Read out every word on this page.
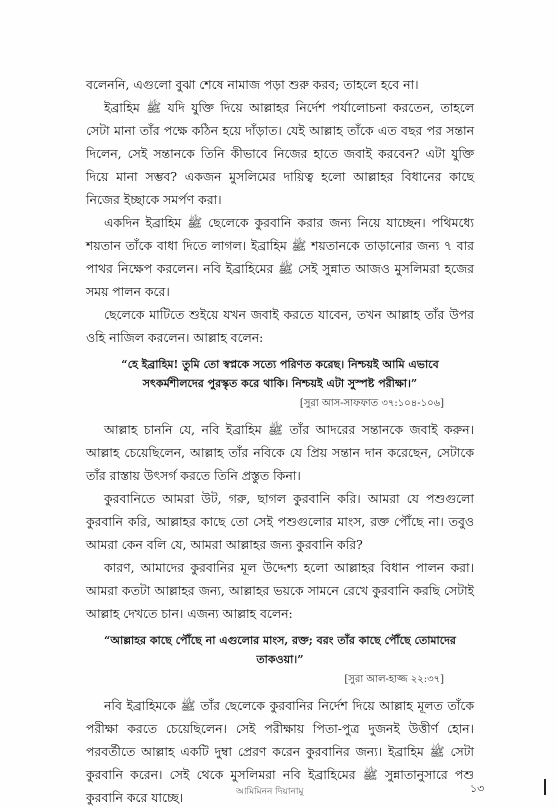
বলেননি, এগুলো বুঝা শেষে নামাজ পড়া শুরু করব; তাহলে হবে না।

ইব্রাহিম ﷺ যদি যুক্তি দিয়ে আল্লাহর নির্দেশ পর্যালোচনা করতেন, তাহলে সেটা মানা তাঁর পক্ষে কঠিন হয়ে দাঁড়াত। যেই আল্লাহ তাঁকে এত বছর পর সন্তান দিলেন, সেই সন্তানকে তিনি কীভাবে নিজের হাতে জবাই করবেন? এটা যুক্তি দিয়ে মানা সম্ভব? একজন মুসলিমের দায়িত্ব হলো আল্লাহর বিধানের কাছে নিজের ইচ্ছাকে সমর্পণ করা।

একদিন ইব্রাহিম ﷺ ছেলেকে কুরবানি করার জন্য নিয়ে যাচ্ছেন। পথিমধ্যে শয়তান তাঁকে বাধা দিতে লাগল। ইব্রাহিম ﷺ শয়তানকে তাড়ানোর জন্য ৭ বার পাথর নিক্ষেপ করলেন। নবি ইব্রাহিমের ﷺ সেই সুন্নাত আজও মুসলিমরা হজের সময় পালন করে।

ছেলেকে মাটিতে শুইয়ে যখন জবাই করতে যাবেন, তখন আল্লাহ তাঁর উপর ওহি নাজিল করলেন। আল্লাহ বলেন:

“হে ইব্রাহিম! তুমি তো স্বপ্নকে সত্যে পরিণত করেছ। নিশ্চয়ই আমি এভাবে সৎকর্মশীলদের পুরস্কৃত করে থাকি। নিশ্চয়ই এটা সুস্পষ্ট পরীক্ষা।”

[সুরা আস-সাফফাত ৩৭:১০৪-১০৬]

আল্লাহ চাননি যে, নবি ইব্রাহিম ﷺ তাঁর আদরের সন্তানকে জবাই করুন। আল্লাহ চেয়েছিলেন, আল্লাহ তাঁর নবিকে যে প্রিয় সন্তান দান করেছেন, সেটাকে তাঁর রাস্তায় উৎসর্গ করতে তিনি প্রস্তুত কিনা।

কুরবানিতে আমরা উট, গরু, ছাগল কুরবানি করি। আমরা যে পশুগুলো কুরবানি করি, আল্লাহর কাছে তো সেই পশুগুলোর মাংস, রক্ত পৌঁছে না। তবুও আমরা কেন বলি যে, আমরা আল্লাহর জন্য কুরবানি করি?

কারণ, আমাদের কুরবানির মূল উদ্দেশ্য হলো আল্লাহর বিধান পালন করা। আমরা কতটা আল্লাহর জন্য, আল্লাহর ভয়কে সামনে রেখে কুরবানি করছি সেটাই আল্লাহ দেখতে চান। এজন্য আল্লাহ বলেন:

“আল্লাহর কাছে পৌঁছে না এগুলোর মাংস, রক্ত; বরং তাঁর কাছে পৌঁছে তোমাদের তাকওয়া।”

[সুরা আল-হাজ্জ ২২:৩৭]

নবি ইব্রাহিমকে ﷺ তাঁর ছেলেকে কুরবানির নির্দেশ দিয়ে আল্লাহ মূলত তাঁকে পরীক্ষা করতে চেয়েছিলেন। সেই পরীক্ষায় পিতা-পুত্র দুজনই উত্তীর্ণ হোন। পরবর্তীতে আল্লাহ একটি দুম্বা প্রেরণ করেন কুরবানির জন্য। ইব্রাহিম ﷺ সেটা কুরবানি করেন। সেই থেকে মুসলিমরা নবি ইব্রাহিমের ﷺ সুন্নাতানুসারে পশু কুরবানি করে যাচ্ছে।	আমিমিনন দিয়ানামু	১৩
